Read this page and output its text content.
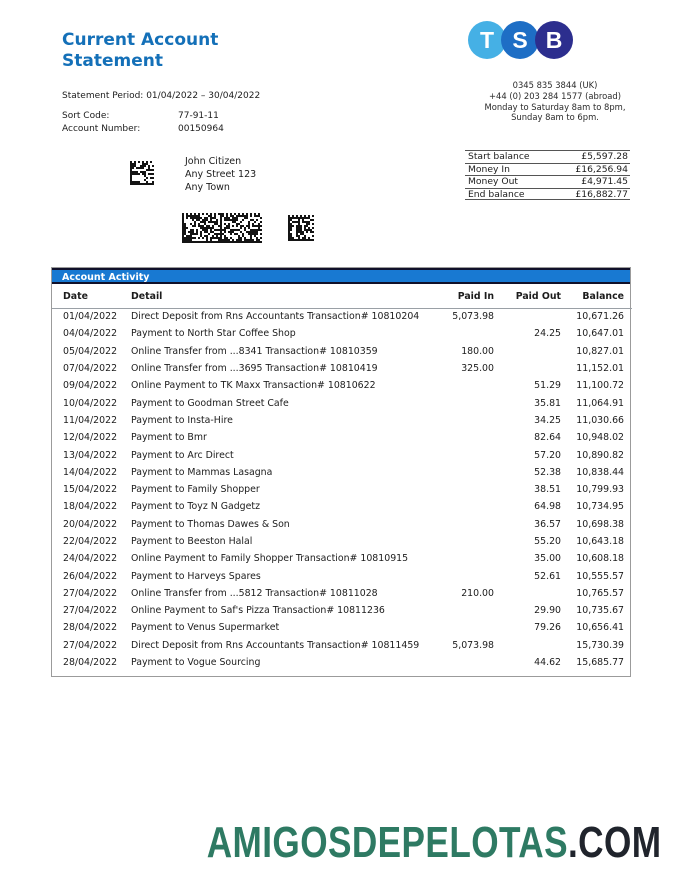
Current Account
Statement
Statement Period: 01/04/2022 – 30/04/2022
Sort Code:	77-91-11
Account Number:	00150964
T S B
0345 835 3844 (UK)
+44 (0) 203 284 1577 (abroad)
Monday to Saturday 8am to 8pm,
Sunday 8am to 6pm.
John Citizen
Any Street 123
Any Town
Start balance	£5,597.28
Money In	£16,256.94
Money Out	£4,971.45
End balance	£16,882.77
Account Activity
Date	Detail	Paid In	Paid Out	Balance
01/04/2022	Direct Deposit from Rns Accountants Transaction# 10810204	5,073.98		10,671.26
04/04/2022	Payment to North Star Coffee Shop		24.25	10,647.01
05/04/2022	Online Transfer from ...8341 Transaction# 10810359	180.00		10,827.01
07/04/2022	Online Transfer from ...3695 Transaction# 10810419	325.00		11,152.01
09/04/2022	Online Payment to TK Maxx Transaction# 10810622		51.29	11,100.72
10/04/2022	Payment to Goodman Street Cafe		35.81	11,064.91
11/04/2022	Payment to Insta-Hire		34.25	11,030.66
12/04/2022	Payment to Bmr		82.64	10,948.02
13/04/2022	Payment to Arc Direct		57.20	10,890.82
14/04/2022	Payment to Mammas Lasagna		52.38	10,838.44
15/04/2022	Payment to Family Shopper		38.51	10,799.93
18/04/2022	Payment to Toyz N Gadgetz		64.98	10,734.95
20/04/2022	Payment to Thomas Dawes & Son		36.57	10,698.38
22/04/2022	Payment to Beeston Halal		55.20	10,643.18
24/04/2022	Online Payment to Family Shopper Transaction# 10810915		35.00	10,608.18
26/04/2022	Payment to Harveys Spares		52.61	10,555.57
27/04/2022	Online Transfer from ...5812 Transaction# 10811028	210.00		10,765.57
27/04/2022	Online Payment to Saf's Pizza Transaction# 10811236		29.90	10,735.67
28/04/2022	Payment to Venus Supermarket		79.26	10,656.41
27/04/2022	Direct Deposit from Rns Accountants Transaction# 10811459	5,073.98		15,730.39
28/04/2022	Payment to Vogue Sourcing		44.62	15,685.77
AMIGOSDEPELOTAS.COM
